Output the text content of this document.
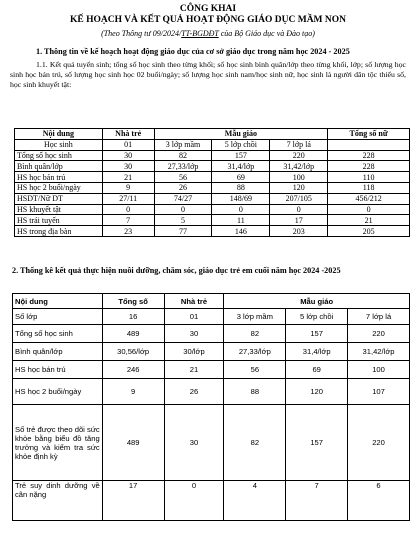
CÔNG KHAI
KẾ HOẠCH VÀ KẾT QUẢ HOẠT ĐỘNG GIÁO DỤC MẦM NON
(Theo Thông tư 09/2024/TT-BGDĐT của Bộ Giáo dục và Đào tạo)
1. Thông tin về kế hoạch hoạt động giáo dục của cơ sở giáo dục trong năm học 2024 - 2025
1.1. Kết quả tuyển sinh; tổng số học sinh theo từng khối; số học sinh bình quân/lớp theo từng khối, lớp; số lượng học sinh học bán trú, số lượng học sinh học 02 buổi/ngày; số lượng học sinh nam/học sinh nữ, học sinh là người dân tộc thiểu số, học sinh khuyết tật:
Nội dung	Nhà trẻ	Mẫu giáo			Tổng số nữ
Học sinh	01	3 lớp mầm	5 lớp chồi	7 lớp lá	
Tổng số học sinh	30	82	157	220	228
Bình quân/lớp	30	27,33/lớp	31,4/lớp	31,42/lớp	228
HS học bán trú	21	56	69	100	110
HS học 2 buổi/ngày	9	26	88	120	118
HSDT/Nữ DT	27/11	74/27	148/69	207/105	456/212
HS khuyết tật	0	0	0	0	0
HS trái tuyến	7	5	11	17	21
HS trong địa bàn	23	77	146	203	205
2. Thống kê kết quả thực hiện nuôi dưỡng, chăm sóc, giáo dục trẻ em cuối năm học 2024 -2025
Nội dung	Tổng số	Nhà trẻ	Mẫu giáo		
Số lớp	16	01	3 lớp mầm	5 lớp chồi	7 lớp lá
Tổng số học sinh	489	30	82	157	220
Bình quân/lớp	30,56/lớp	30/lớp	27,33/lớp	31,4/lớp	31,42/lớp
HS học bán trú	246	21	56	69	100
HS học 2 buổi/ngày	9	26	88	120	107
Số trẻ được theo dõi sức khỏe bằng biểu đồ tăng trưởng và kiểm tra sức khỏe định kỳ	489	30	82	157	220
Trẻ suy dinh dưỡng về cân nặng	17	0	4	7	6
